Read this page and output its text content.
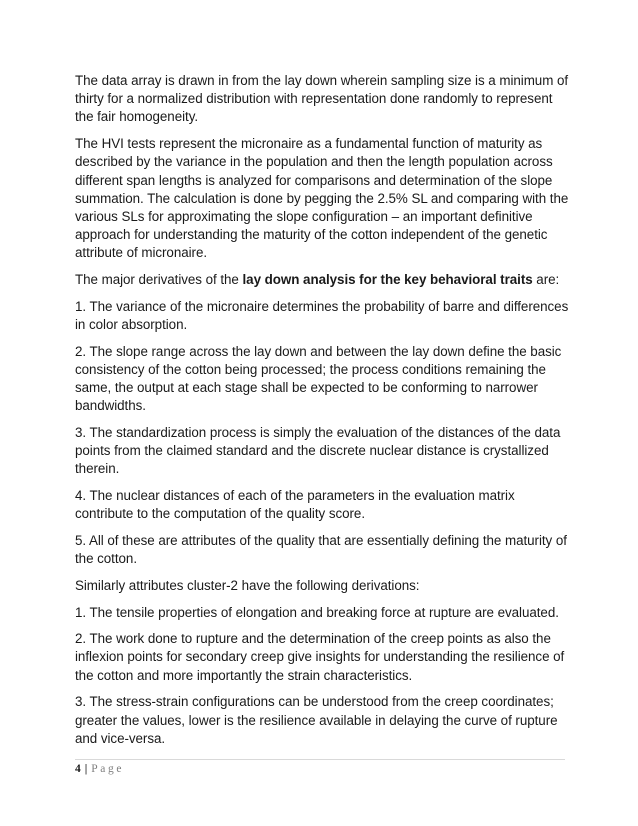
The data array is drawn in from the lay down wherein sampling size is a minimum of thirty for a normalized distribution with representation done randomly to represent the fair homogeneity.

The HVI tests represent the micronaire as a fundamental function of maturity as described by the variance in the population and then the length population across different span lengths is analyzed for comparisons and determination of the slope summation. The calculation is done by pegging the 2.5% SL and comparing with the various SLs for approximating the slope configuration – an important definitive approach for understanding the maturity of the cotton independent of the genetic attribute of micronaire.

The major derivatives of the lay down analysis for the key behavioral traits are:

1. The variance of the micronaire determines the probability of barre and differences in color absorption.

2. The slope range across the lay down and between the lay down define the basic consistency of the cotton being processed; the process conditions remaining the same, the output at each stage shall be expected to be conforming to narrower bandwidths.

3. The standardization process is simply the evaluation of the distances of the data points from the claimed standard and the discrete nuclear distance is crystallized therein.

4. The nuclear distances of each of the parameters in the evaluation matrix contribute to the computation of the quality score.

5. All of these are attributes of the quality that are essentially defining the maturity of the cotton.

Similarly attributes cluster-2 have the following derivations:

1. The tensile properties of elongation and breaking force at rupture are evaluated.

2. The work done to rupture and the determination of the creep points as also the inflexion points for secondary creep give insights for understanding the resilience of the cotton and more importantly the strain characteristics.

3. The stress-strain configurations can be understood from the creep coordinates; greater the values, lower is the resilience available in delaying the curve of rupture and vice-versa.

4 | Page
